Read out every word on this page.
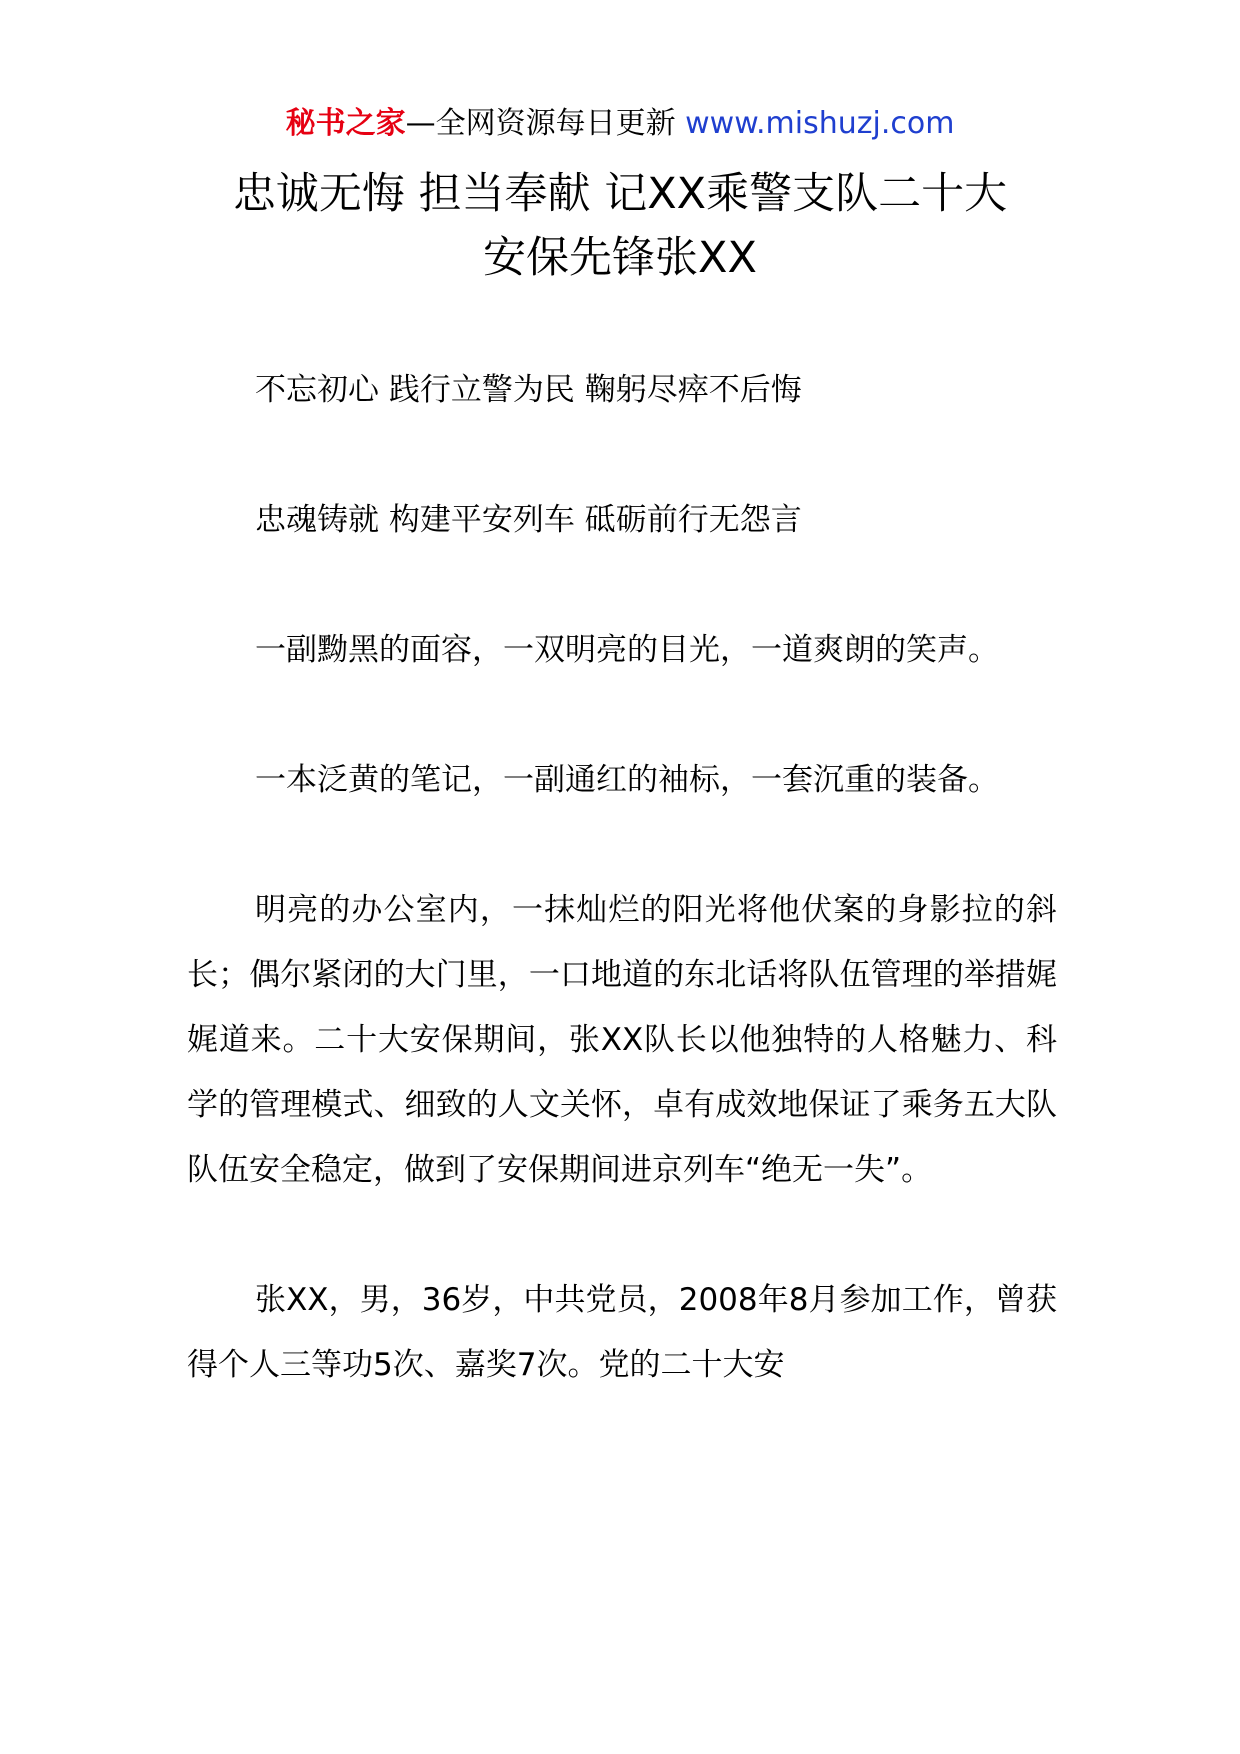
秘书之家—全网资源每日更新 www.mishuzj.com
忠诚无悔 担当奉献 记XX乘警支队二十大
安保先锋张XX

不忘初心 践行立警为民 鞠躬尽瘁不后悔

忠魂铸就 构建平安列车 砥砺前行无怨言

一副黝黑的面容，一双明亮的目光，一道爽朗的笑声。

一本泛黄的笔记，一副通红的袖标，一套沉重的装备。

明亮的办公室内，一抹灿烂的阳光将他伏案的身影拉的斜长；偶尔紧闭的大门里，一口地道的东北话将队伍管理的举措娓娓道来。二十大安保期间，张XX队长以他独特的人格魅力、科学的管理模式、细致的人文关怀，卓有成效地保证了乘务五大队队伍安全稳定，做到了安保期间进京列车“绝无一失”。

张XX，男，36岁，中共党员，2008年8月参加工作，曾获得个人三等功5次、嘉奖7次。党的二十大安
